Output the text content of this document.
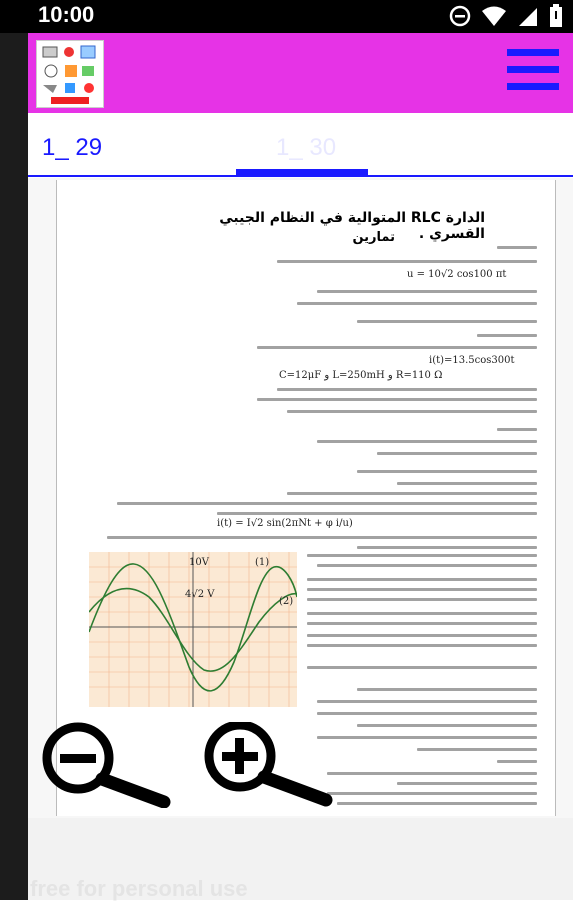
10:00
1_ 29	1_ 30
الدارة RLC المتوالية في النظام الجيبي القسري .
تمارين
u = 10√2 cos100 πt
i(t)=13.5cos300t
C=12μF و L=250mH و R=110 Ω
i(t) = I√2 sin(2πNt + φ i/u)
10V
4√2 V
(1)
(2)
free for personal use
